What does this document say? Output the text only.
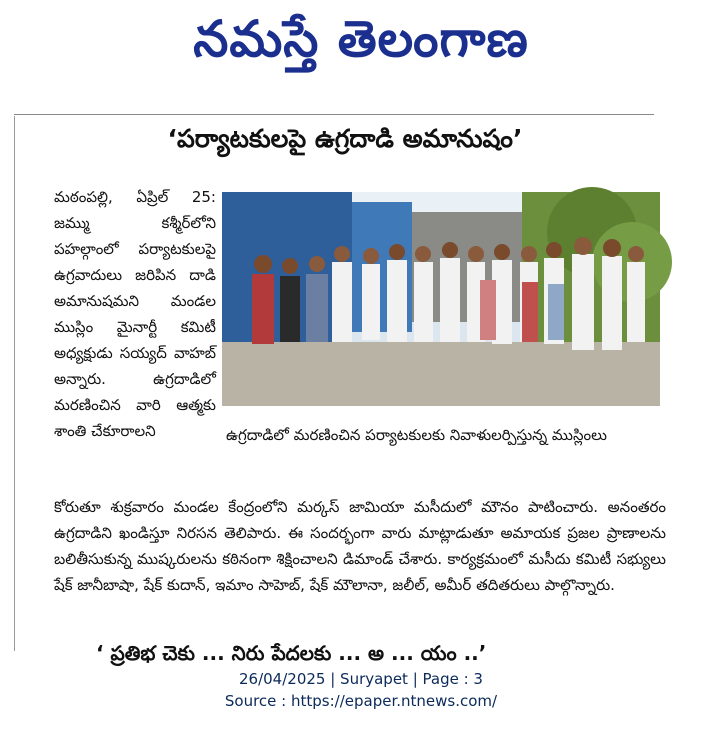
నమస్తే తెలంగాణ
‘పర్యాటకులపై ఉగ్రదాడి అమానుషం’
మఠంపల్లి, ఏప్రిల్ 25: జమ్ము కశ్మీర్‌లోని పహల్గాంలో పర్యాటకులపై ఉగ్రవాదులు జరిపిన దాడి అమానుషమని మండల ముస్లిం మైనార్టీ కమిటీ అధ్యక్షుడు సయ్యద్ వాహబ్ అన్నారు. ఉగ్రదాడిలో మరణించిన వారి ఆత్మకు శాంతి చేకూరాలని	ఉగ్రదాడిలో మరణించిన పర్యాటకులకు నివాళులర్పిస్తున్న ముస్లింలు
కోరుతూ శుక్రవారం మండల కేంద్రంలోని మర్కస్ జామియా మసీదులో మౌనం పాటించారు. అనంతరం ఉగ్రదాడిని ఖండిస్తూ నిరసన తెలిపారు. ఈ సందర్భంగా వారు మాట్లాడుతూ అమాయక ప్రజల ప్రాణాలను బలితీసుకున్న ముష్కరులను కఠినంగా శిక్షించాలని డిమాండ్ చేశారు. కార్యక్రమంలో మసీదు కమిటీ సభ్యులు షేక్ జానీబాషా, షేక్ కుదాన్, ఇమాం సాహెబ్, షేక్ మౌలానా, జలీల్, అమీర్ తదితరులు పాల్గొన్నారు.
‘ ప్రతిభ చెకు ... నిరు పేదలకు ... అ ... యం ..’
26/04/2025 | Suryapet | Page : 3
Source : https://epaper.ntnews.com/
